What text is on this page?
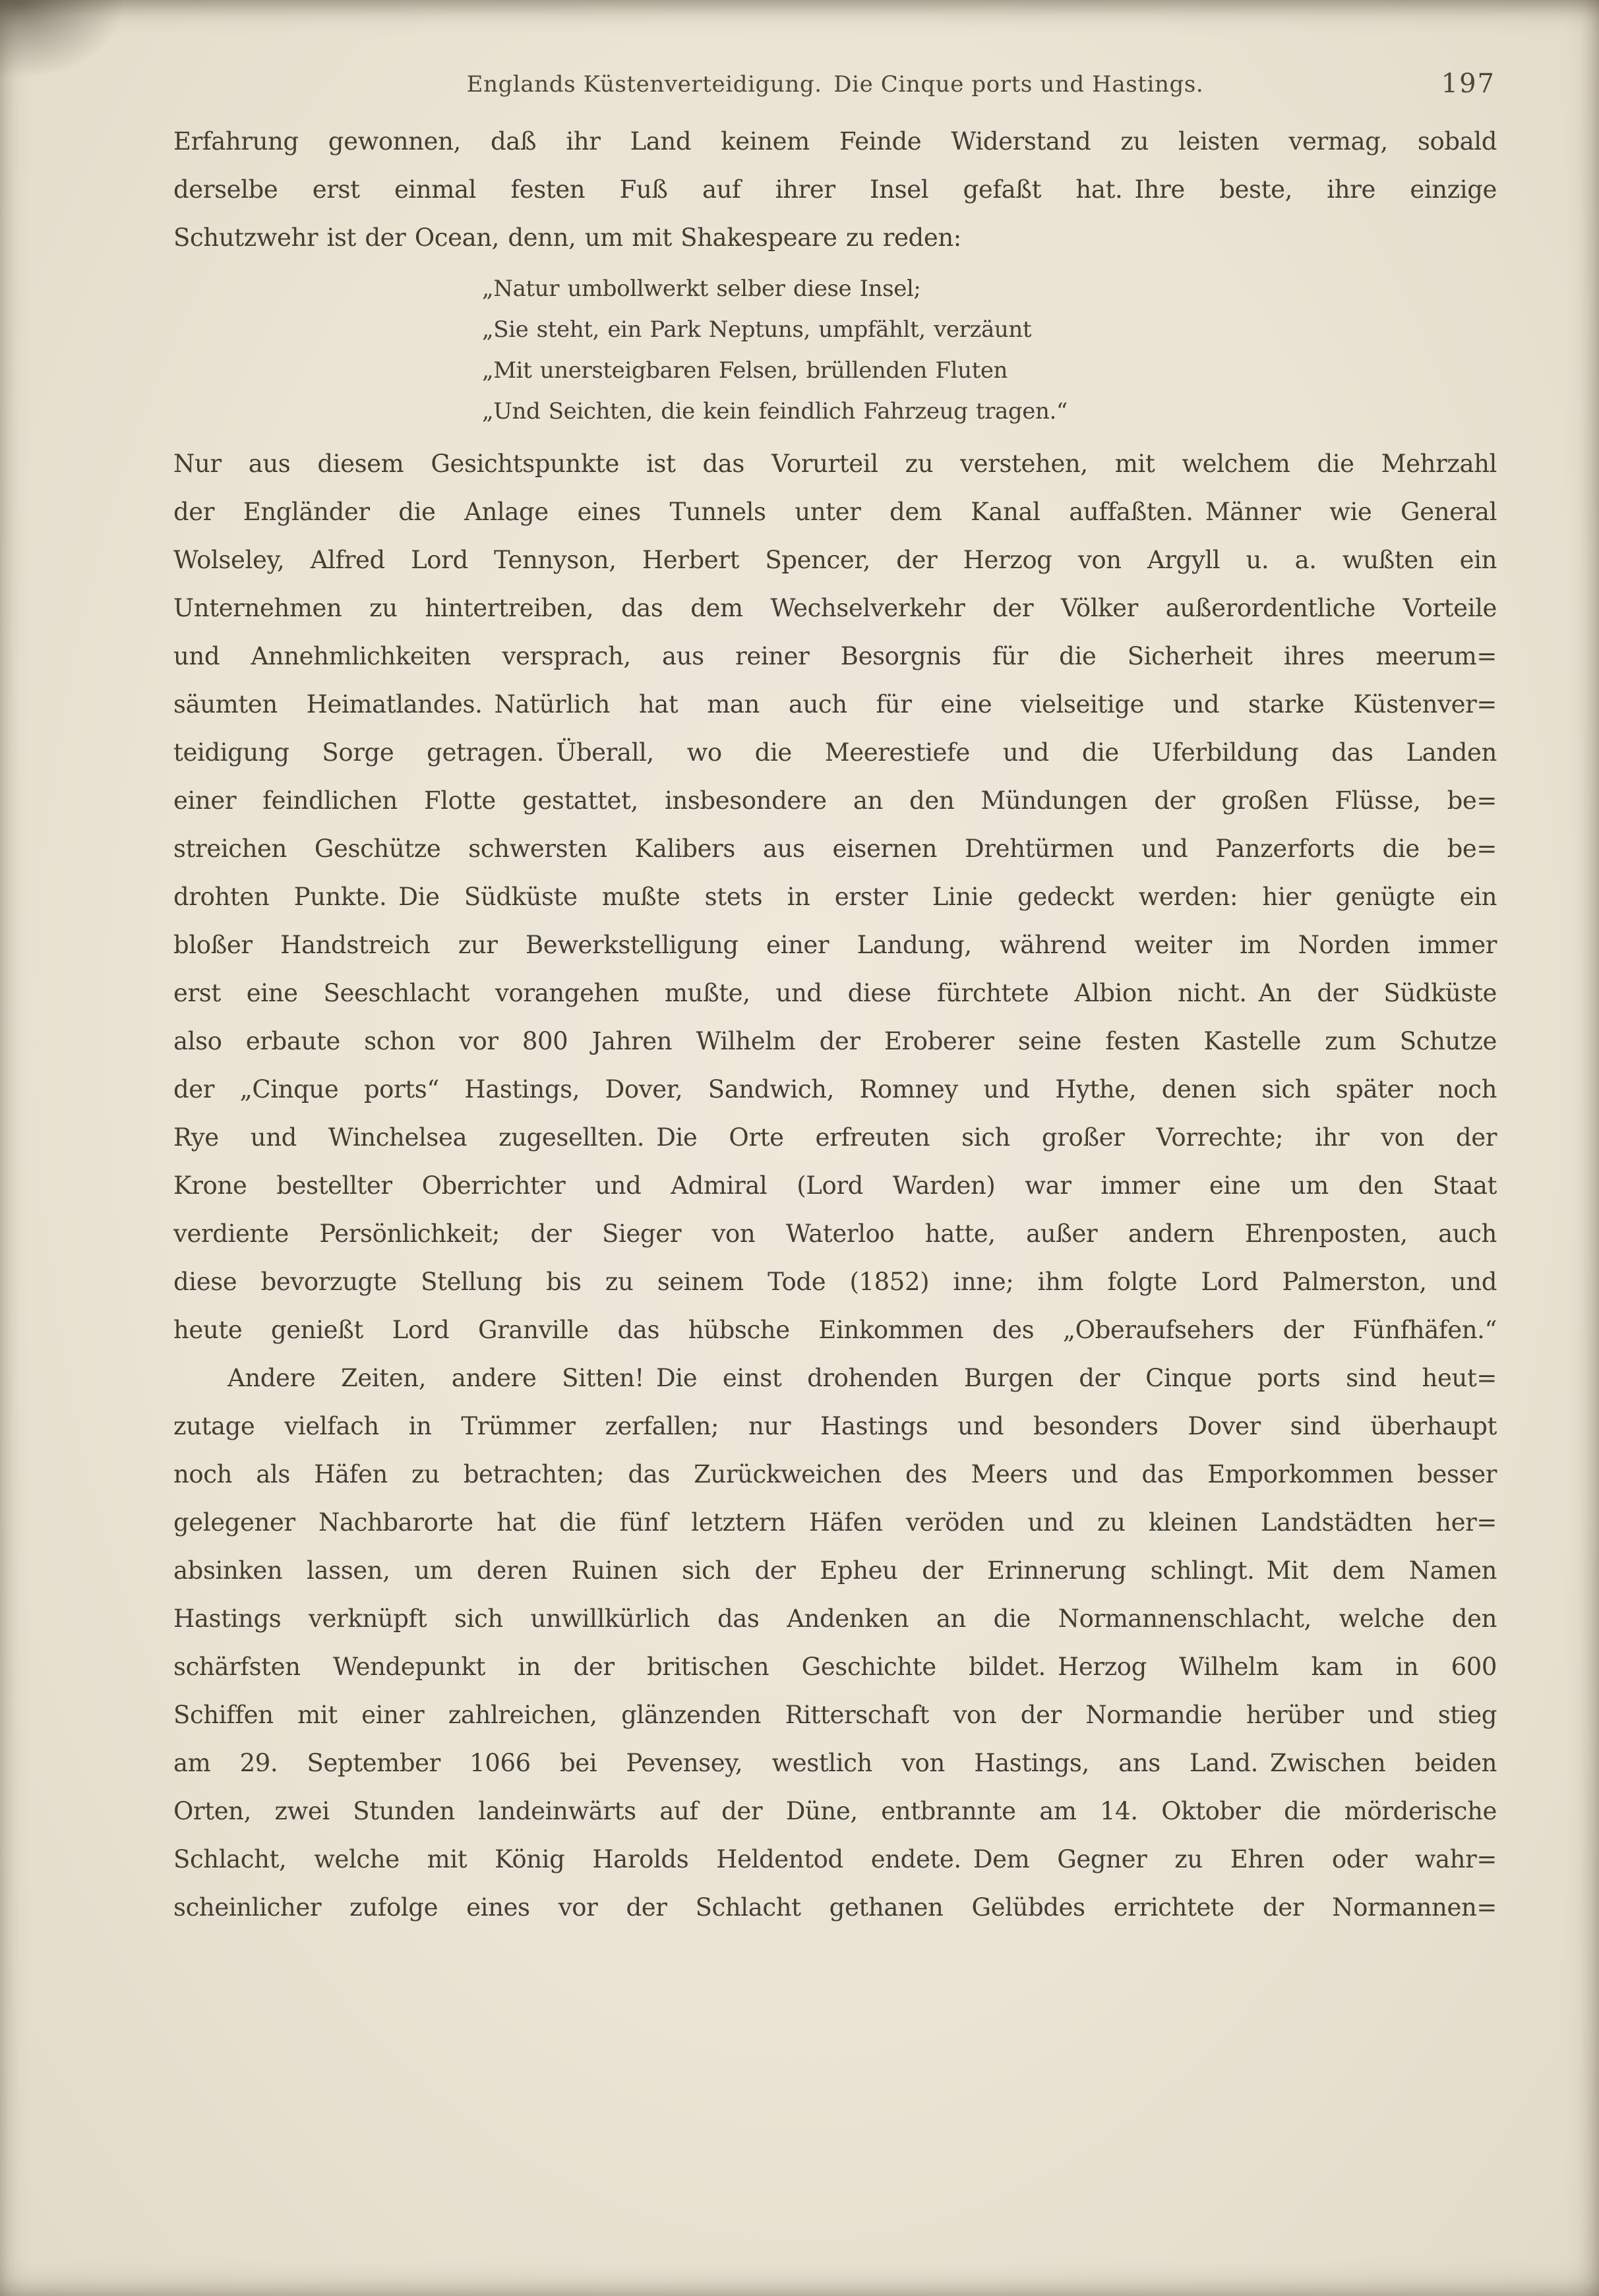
Englands Küstenverteidigung. Die Cinque ports und Hastings.	197
Erfahrung gewonnen, daß ihr Land keinem Feinde Widerstand zu leisten vermag, sobald
derselbe erst einmal festen Fuß auf ihrer Insel gefaßt hat. Ihre beste, ihre einzige
Schutzwehr ist der Ocean, denn, um mit Shakespeare zu reden:
„Natur umbollwerkt selber diese Insel;
„Sie steht, ein Park Neptuns, umpfählt, verzäunt
„Mit unersteigbaren Felsen, brüllenden Fluten
„Und Seichten, die kein feindlich Fahrzeug tragen.“
Nur aus diesem Gesichtspunkte ist das Vorurteil zu verstehen, mit welchem die Mehrzahl
der Engländer die Anlage eines Tunnels unter dem Kanal auffaßten. Männer wie General
Wolseley, Alfred Lord Tennyson, Herbert Spencer, der Herzog von Argyll u. a. wußten ein
Unternehmen zu hintertreiben, das dem Wechselverkehr der Völker außerordentliche Vorteile
und Annehmlichkeiten versprach, aus reiner Besorgnis für die Sicherheit ihres meerum=
säumten Heimatlandes. Natürlich hat man auch für eine vielseitige und starke Küstenver=
teidigung Sorge getragen. Überall, wo die Meerestiefe und die Uferbildung das Landen
einer feindlichen Flotte gestattet, insbesondere an den Mündungen der großen Flüsse, be=
streichen Geschütze schwersten Kalibers aus eisernen Drehtürmen und Panzerforts die be=
drohten Punkte. Die Südküste mußte stets in erster Linie gedeckt werden: hier genügte ein
bloßer Handstreich zur Bewerkstelligung einer Landung, während weiter im Norden immer
erst eine Seeschlacht vorangehen mußte, und diese fürchtete Albion nicht. An der Südküste
also erbaute schon vor 800 Jahren Wilhelm der Eroberer seine festen Kastelle zum Schutze
der „Cinque ports“ Hastings, Dover, Sandwich, Romney und Hythe, denen sich später noch
Rye und Winchelsea zugesellten. Die Orte erfreuten sich großer Vorrechte; ihr von der
Krone bestellter Oberrichter und Admiral (Lord Warden) war immer eine um den Staat
verdiente Persönlichkeit; der Sieger von Waterloo hatte, außer andern Ehrenposten, auch
diese bevorzugte Stellung bis zu seinem Tode (1852) inne; ihm folgte Lord Palmerston, und
heute genießt Lord Granville das hübsche Einkommen des „Oberaufsehers der Fünfhäfen.“
Andere Zeiten, andere Sitten! Die einst drohenden Burgen der Cinque ports sind heut=
zutage vielfach in Trümmer zerfallen; nur Hastings und besonders Dover sind überhaupt
noch als Häfen zu betrachten; das Zurückweichen des Meers und das Emporkommen besser
gelegener Nachbarorte hat die fünf letztern Häfen veröden und zu kleinen Landstädten her=
absinken lassen, um deren Ruinen sich der Epheu der Erinnerung schlingt. Mit dem Namen
Hastings verknüpft sich unwillkürlich das Andenken an die Normannenschlacht, welche den
schärfsten Wendepunkt in der britischen Geschichte bildet. Herzog Wilhelm kam in 600
Schiffen mit einer zahlreichen, glänzenden Ritterschaft von der Normandie herüber und stieg
am 29. September 1066 bei Pevensey, westlich von Hastings, ans Land. Zwischen beiden
Orten, zwei Stunden landeinwärts auf der Düne, entbrannte am 14. Oktober die mörderische
Schlacht, welche mit König Harolds Heldentod endete. Dem Gegner zu Ehren oder wahr=
scheinlicher zufolge eines vor der Schlacht gethanen Gelübdes errichtete der Normannen=
